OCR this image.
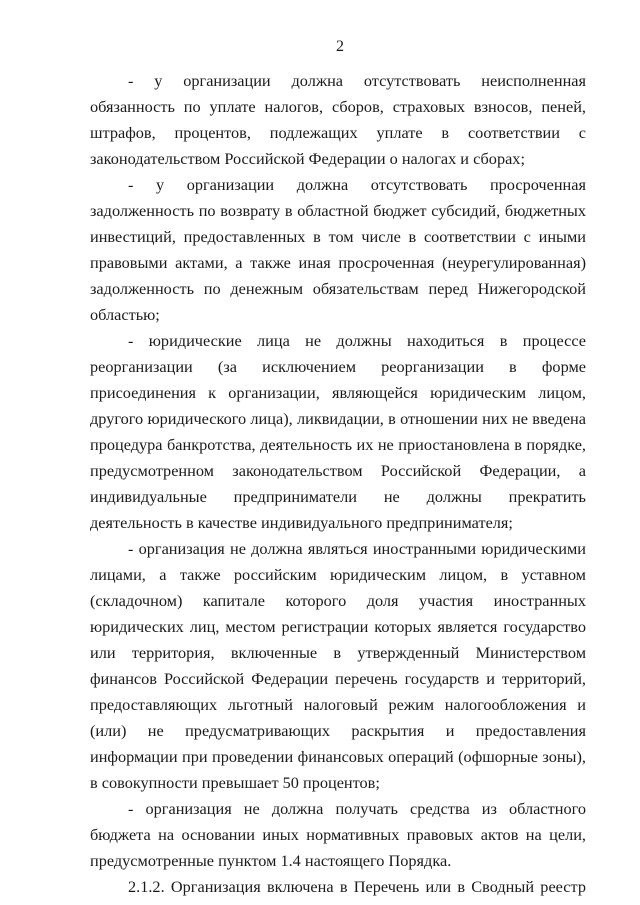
2

- у организации должна отсутствовать неисполненная обязанность по уплате налогов, сборов, страховых взносов, пеней, штрафов, процентов, подлежащих уплате в соответствии с законодательством Российской Федерации о налогах и сборах;

- у организации должна отсутствовать просроченная задолженность по возврату в областной бюджет субсидий, бюджетных инвестиций, предоставленных в том числе в соответствии с иными правовыми актами, а также иная просроченная (неурегулированная) задолженность по денежным обязательствам перед Нижегородской областью;

- юридические лица не должны находиться в процессе реорганизации (за исключением реорганизации в форме присоединения к организации, являющейся юридическим лицом, другого юридического лица), ликвидации, в отношении них не введена процедура банкротства, деятельность их не приостановлена в порядке, предусмотренном законодательством Российской Федерации, а индивидуальные предприниматели не должны прекратить деятельность в качестве индивидуального предпринимателя;

- организация не должна являться иностранными юридическими лицами, а также российским юридическим лицом, в уставном (складочном) капитале которого доля участия иностранных юридических лиц, местом регистрации которых является государство или территория, включенные в утвержденный Министерством финансов Российской Федерации перечень государств и территорий, предоставляющих льготный налоговый режим налогообложения и (или) не предусматривающих раскрытия и предоставления информации при проведении финансовых операций (офшорные зоны), в совокупности превышает 50 процентов;

- организация не должна получать средства из областного бюджета на основании иных нормативных правовых актов на цели, предусмотренные пунктом 1.4 настоящего Порядка.

2.1.2. Организация включена в Перечень или в Сводный реестр
